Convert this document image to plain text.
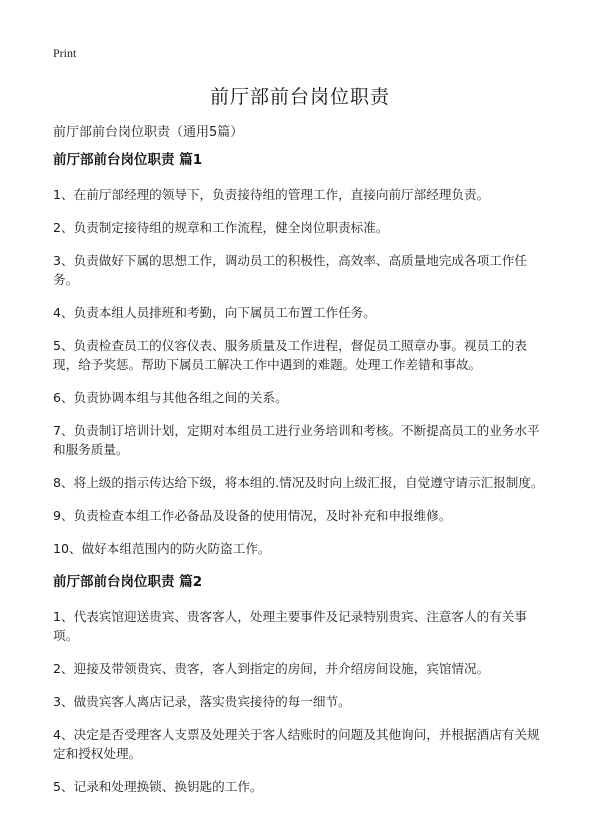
Print
前厅部前台岗位职责
前厅部前台岗位职责（通用5篇）
前厅部前台岗位职责 篇1

1、在前厅部经理的领导下，负责接待组的管理工作，直接向前厅部经理负责。

2、负责制定接待组的规章和工作流程，健全岗位职责标准。

3、负责做好下属的思想工作，调动员工的积极性，高效率、高质量地完成各项工作任务。

4、负责本组人员排班和考勤，向下属员工布置工作任务。

5、负责检查员工的仪容仪表、服务质量及工作进程，督促员工照章办事。视员工的表现，给予奖惩。帮助下属员工解决工作中遇到的难题。处理工作差错和事故。

6、负责协调本组与其他各组之间的关系。

7、负责制订培训计划，定期对本组员工进行业务培训和考核。不断提高员工的业务水平和服务质量。

8、将上级的指示传达给下级，将本组的.情况及时向上级汇报，自觉遵守请示汇报制度。

9、负责检查本组工作必备品及设备的使用情况，及时补充和申报维修。

10、做好本组范围内的防火防盗工作。

前厅部前台岗位职责 篇2

1、代表宾馆迎送贵宾、贵客客人，处理主要事件及记录特别贵宾、注意客人的有关事项。

2、迎接及带领贵宾、贵客，客人到指定的房间，并介绍房间设施，宾馆情况。

3、做贵宾客人离店记录，落实贵宾接待的每一细节。

4、决定是否受理客人支票及处理关于客人结账时的问题及其他询问，并根据酒店有关规定和授权处理。

5、记录和处理换锁、换钥匙的工作。
